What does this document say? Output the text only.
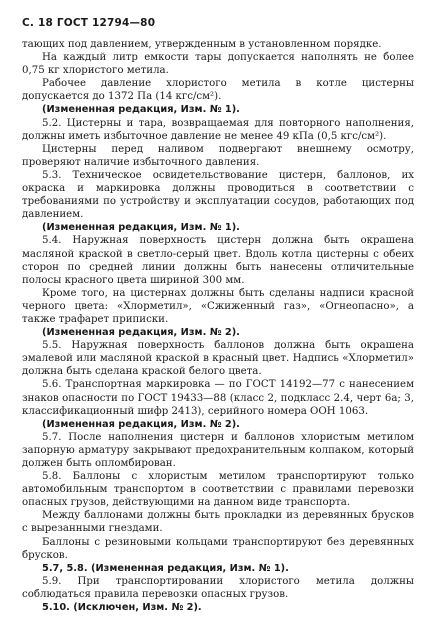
С. 18 ГОСТ 12794—80

тающих под давлением, утвержденным в установленном порядке.

На каждый литр емкости тары допускается наполнять не более 0,75 кг хлористого метила.

Рабочее давление хлористого метила в котле цистерны допускается до 1372 Па (14 кгс/см²).

(Измененная редакция, Изм. № 1).

5.2. Цистерны и тара, возвращаемая для повторного наполнения, должны иметь избыточное давление не менее 49 кПа (0,5 кгс/см²).

Цистерны перед наливом подвергают внешнему осмотру, проверяют наличие избыточного давления.

5.3. Техническое освидетельствование цистерн, баллонов, их окраска и маркировка должны проводиться в соответствии с требованиями по устройству и эксплуатации сосудов, работающих под давлением.

(Измененная редакция, Изм. № 1).

5.4. Наружная поверхность цистерн должна быть окрашена масляной краской в светло-серый цвет. Вдоль котла цистерны с обеих сторон по средней линии должны быть нанесены отличительные полосы красного цвета шириной 300 мм.

Кроме того, на цистернах должны быть сделаны надписи красной черного цвета: «Хлорметил», «Сжиженный газ», «Огнеопасно», а также трафарет приписки.

(Измененная редакция, Изм. № 2).

5.5. Наружная поверхность баллонов должна быть окрашена эмалевой или масляной краской в красный цвет. Надпись «Хлорметил» должна быть сделана краской белого цвета.

5.6. Транспортная маркировка — по ГОСТ 14192—77 с нанесением знаков опасности по ГОСТ 19433—88 (класс 2, подкласс 2.4, черт 6а; 3, классификационный шифр 2413), серийного номера ООН 1063.

(Измененная редакция, Изм. № 2).

5.7. После наполнения цистерн и баллонов хлористым метилом запорную арматуру закрывают предохранительным колпаком, который должен быть опломбирован.

5.8. Баллоны с хлористым метилом транспортируют только автомобильным транспортом в соответствии с правилами перевозки опасных грузов, действующими на данном виде транспорта.

Между баллонами должны быть прокладки из деревянных брусков с вырезанными гнездами.

Баллоны с резиновыми кольцами транспортируют без деревянных брусков.

5.7, 5.8. (Измененная редакция, Изм. № 1).

5.9. При транспортировании хлористого метила должны соблюдаться правила перевозки опасных грузов.

5.10. (Исключен, Изм. № 2).
